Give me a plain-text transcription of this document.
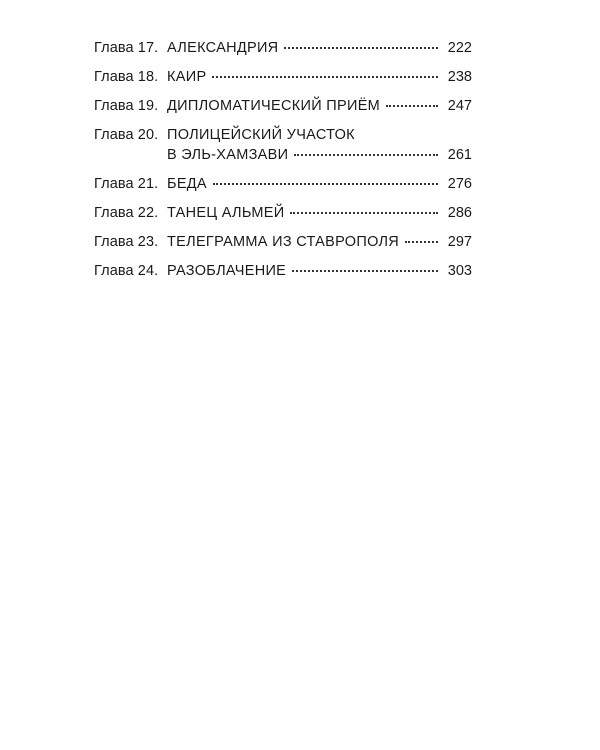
Глава 17. АЛЕКСАНДРИЯ	222
Глава 18. КАИР	238
Глава 19. ДИПЛОМАТИЧЕСКИЙ ПРИЁМ	247
Глава 20. ПОЛИЦЕЙСКИЙ УЧАСТОК
В ЭЛЬ-ХАМЗАВИ	261
Глава 21. БЕДА	276
Глава 22. ТАНЕЦ АЛЬМЕЙ	286
Глава 23. ТЕЛЕГРАММА ИЗ СТАВРОПОЛЯ	297
Глава 24. РАЗОБЛАЧЕНИЕ	303
